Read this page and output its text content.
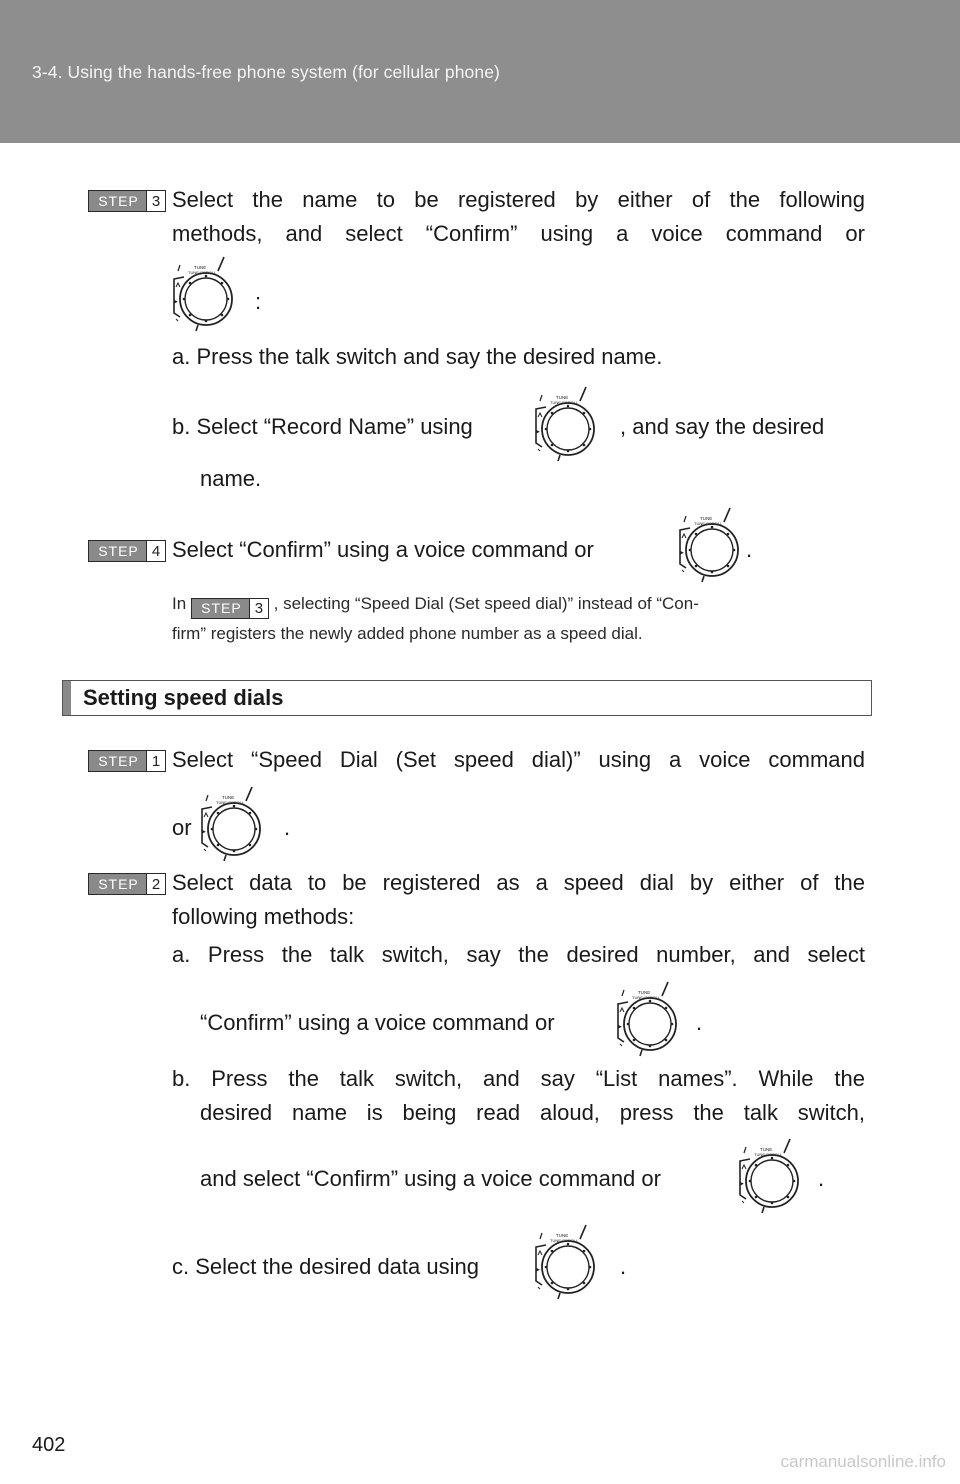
3-4. Using the hands-free phone system (for cellular phone)
STEP 3 Select the name to be registered by either of the following
methods, and select “Confirm” using a voice command or
:
a. Press the talk switch and say the desired name.
b. Select “Record Name” using	, and say the desired
name.
STEP 4 Select “Confirm” using a voice command or	.
In	STEP 3 , selecting “Speed Dial (Set speed dial)” instead of “Con-
firm” registers the newly added phone number as a speed dial.
Setting speed dials
STEP 1 Select “Speed Dial (Set speed dial)” using a voice command
or	.
STEP 2 Select data to be registered as a speed dial by either of the
following methods:
a. Press the talk switch, say the desired number, and select
“Confirm” using a voice command or	.
b. Press the talk switch, and say “List names”. While the
desired name is being read aloud, press the talk switch,
and select “Confirm” using a voice command or	.
c. Select the desired data using	.
402
carmanualsonline.info
